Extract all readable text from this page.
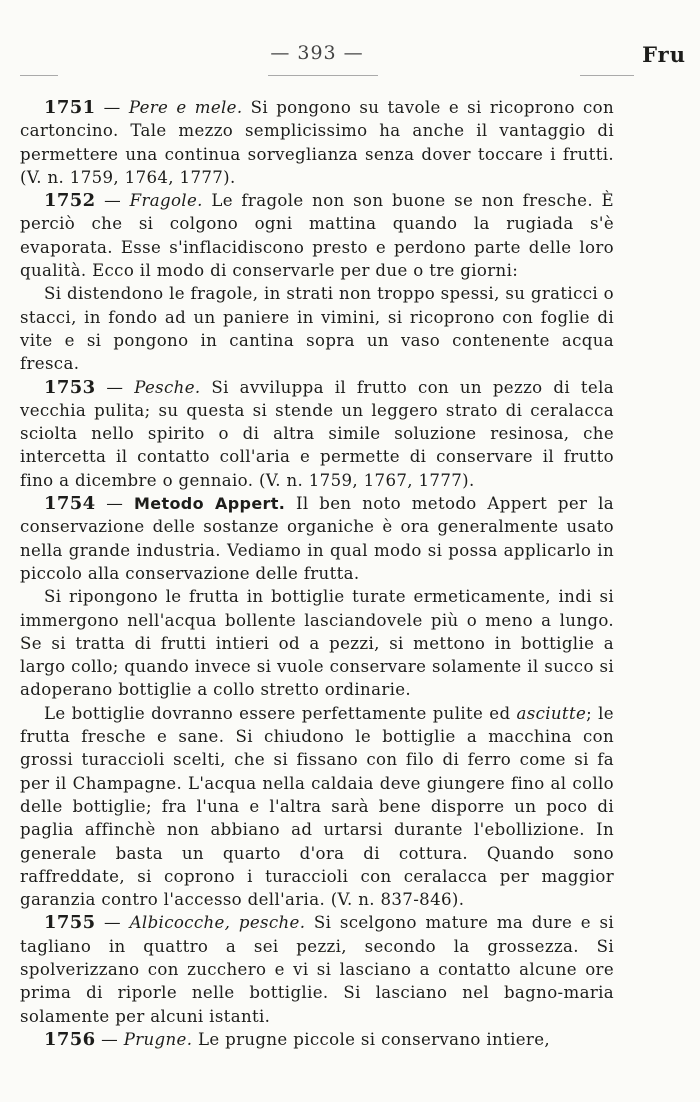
— 393 —	Fru

1751 — Pere e mele. Si pongono su tavole e si ricoprono con cartoncino. Tale mezzo semplicissimo ha anche il vantaggio di permettere una continua sorveglianza senza dover toccare i frutti. (V. n. 1759, 1764, 1777).

1752 — Fragole. Le fragole non son buone se non fresche. È perciò che si colgono ogni mattina quando la rugiada s'è evaporata. Esse s'inflacidiscono presto e perdono parte delle loro qualità. Ecco il modo di conservarle per due o tre giorni:

Si distendono le fragole, in strati non troppo spessi, su graticci o stacci, in fondo ad un paniere in vimini, si ricoprono con foglie di vite e si pongono in cantina sopra un vaso contenente acqua fresca.

1753 — Pesche. Si avviluppa il frutto con un pezzo di tela vecchia pulita; su questa si stende un leggero strato di ceralacca sciolta nello spirito o di altra simile soluzione resinosa, che intercetta il contatto coll'aria e permette di conservare il frutto fino a dicembre o gennaio. (V. n. 1759, 1767, 1777).

1754 — Metodo Appert. Il ben noto metodo Appert per la conservazione delle sostanze organiche è ora generalmente usato nella grande industria. Vediamo in qual modo si possa applicarlo in piccolo alla conservazione delle frutta.

Si ripongono le frutta in bottiglie turate ermeticamente, indi si immergono nell'acqua bollente lasciandovele più o meno a lungo. Se si tratta di frutti intieri od a pezzi, si mettono in bottiglie a largo collo; quando invece si vuole conservare solamente il succo si adoperano bottiglie a collo stretto ordinarie.

Le bottiglie dovranno essere perfettamente pulite ed asciutte; le frutta fresche e sane. Si chiudono le bottiglie a macchina con grossi turaccioli scelti, che si fissano con filo di ferro come si fa per il Champagne. L'acqua nella caldaia deve giungere fino al collo delle bottiglie; fra l'una e l'altra sarà bene disporre un poco di paglia affinchè non abbiano ad urtarsi durante l'ebollizione. In generale basta un quarto d'ora di cottura. Quando sono raffreddate, si coprono i turaccioli con ceralacca per maggior garanzia contro l'accesso dell'aria. (V. n. 837-846).

1755 — Albicocche, pesche. Si scelgono mature ma dure e si tagliano in quattro a sei pezzi, secondo la grossezza. Si spolverizzano con zucchero e vi si lasciano a contatto alcune ore prima di riporle nelle bottiglie. Si lasciano nel bagno-maria solamente per alcuni istanti.

1756 — Prugne. Le prugne piccole si conservano intiere,
